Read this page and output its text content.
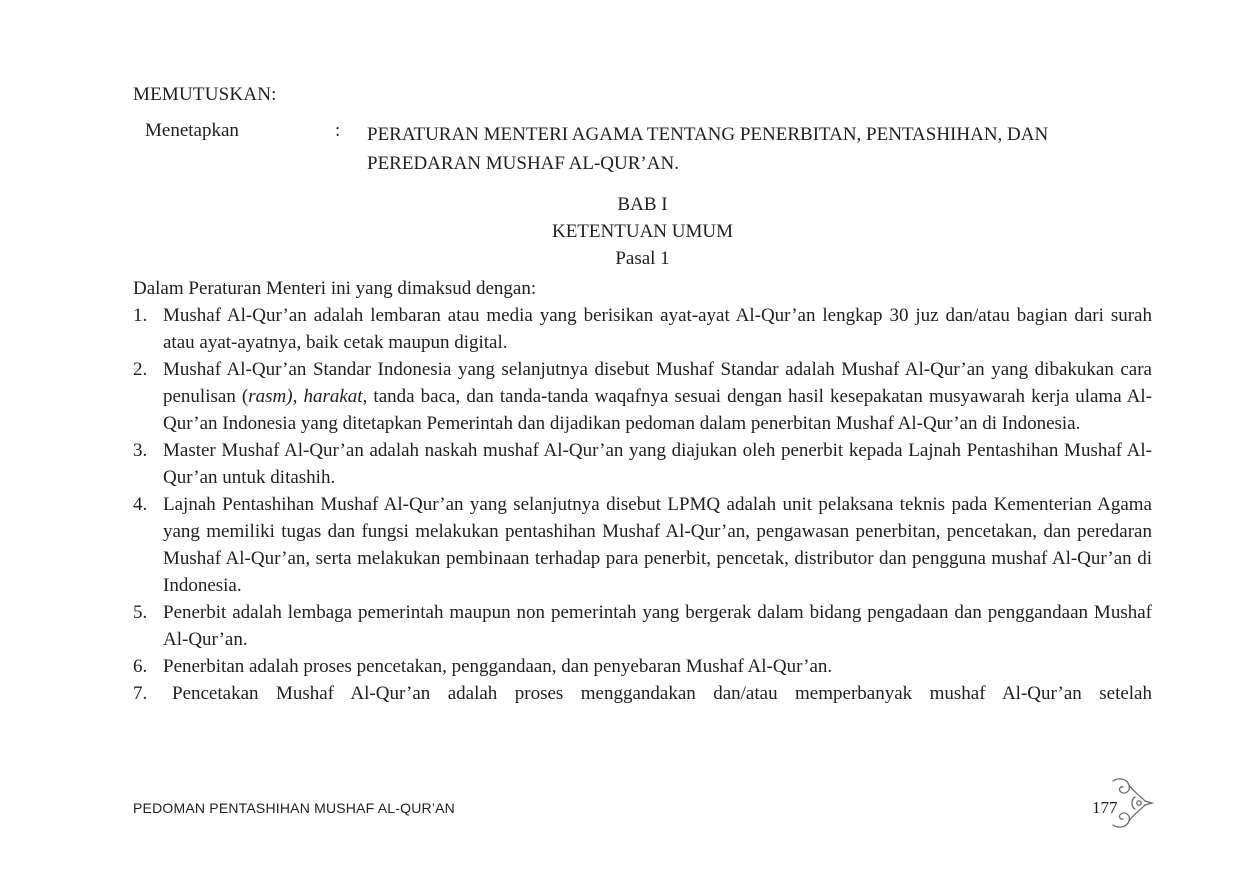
MEMUTUSKAN:
Menetapkan	: PERATURAN MENTERI AGAMA TENTANG PENERBITAN, PENTASHIHAN, DAN PEREDARAN MUSHAF AL-QUR’AN.
BAB I
KETENTUAN UMUM
Pasal 1
Dalam Peraturan Menteri ini yang dimaksud dengan:
1. Mushaf Al-Qur’an adalah lembaran atau media yang berisikan ayat-ayat Al-Qur’an lengkap 30 juz dan/atau bagian dari surah atau ayat-ayatnya, baik cetak maupun digital.
2. Mushaf Al-Qur’an Standar Indonesia yang selanjutnya disebut Mushaf Standar adalah Mushaf Al-Qur’an yang dibakukan cara penulisan (rasm), harakat, tanda baca, dan tanda-tanda waqafnya sesuai dengan hasil kesepakatan musyawarah kerja ulama Al-Qur’an Indonesia yang ditetapkan Pemerintah dan dijadikan pedoman dalam penerbitan Mushaf Al-Qur’an di Indonesia.
3. Master Mushaf Al-Qur’an adalah naskah mushaf Al-Qur’an yang diajukan oleh penerbit kepada Lajnah Pentashihan Mushaf Al-Qur’an untuk ditashih.
4. Lajnah Pentashihan Mushaf Al-Qur’an yang selanjutnya disebut LPMQ adalah unit pelaksana teknis pada Kementerian Agama yang memiliki tugas dan fungsi melakukan pentashihan Mushaf Al-Qur’an, pengawasan penerbitan, pencetakan, dan peredaran Mushaf Al-Qur’an, serta melakukan pembinaan terhadap para penerbit, pencetak, distributor dan pengguna mushaf Al-Qur’an di Indonesia.
5. Penerbit adalah lembaga pemerintah maupun non pemerintah yang bergerak dalam bidang pengadaan dan penggandaan Mushaf Al-Qur’an.
6. Penerbitan adalah proses pencetakan, penggandaan, dan penyebaran Mushaf Al-Qur’an.
7. Pencetakan Mushaf Al-Qur’an adalah proses menggandakan dan/atau memperbanyak mushaf Al-Qur’an setelah
PEDOMAN PENTASHIHAN MUSHAF AL-QUR’AN	177
